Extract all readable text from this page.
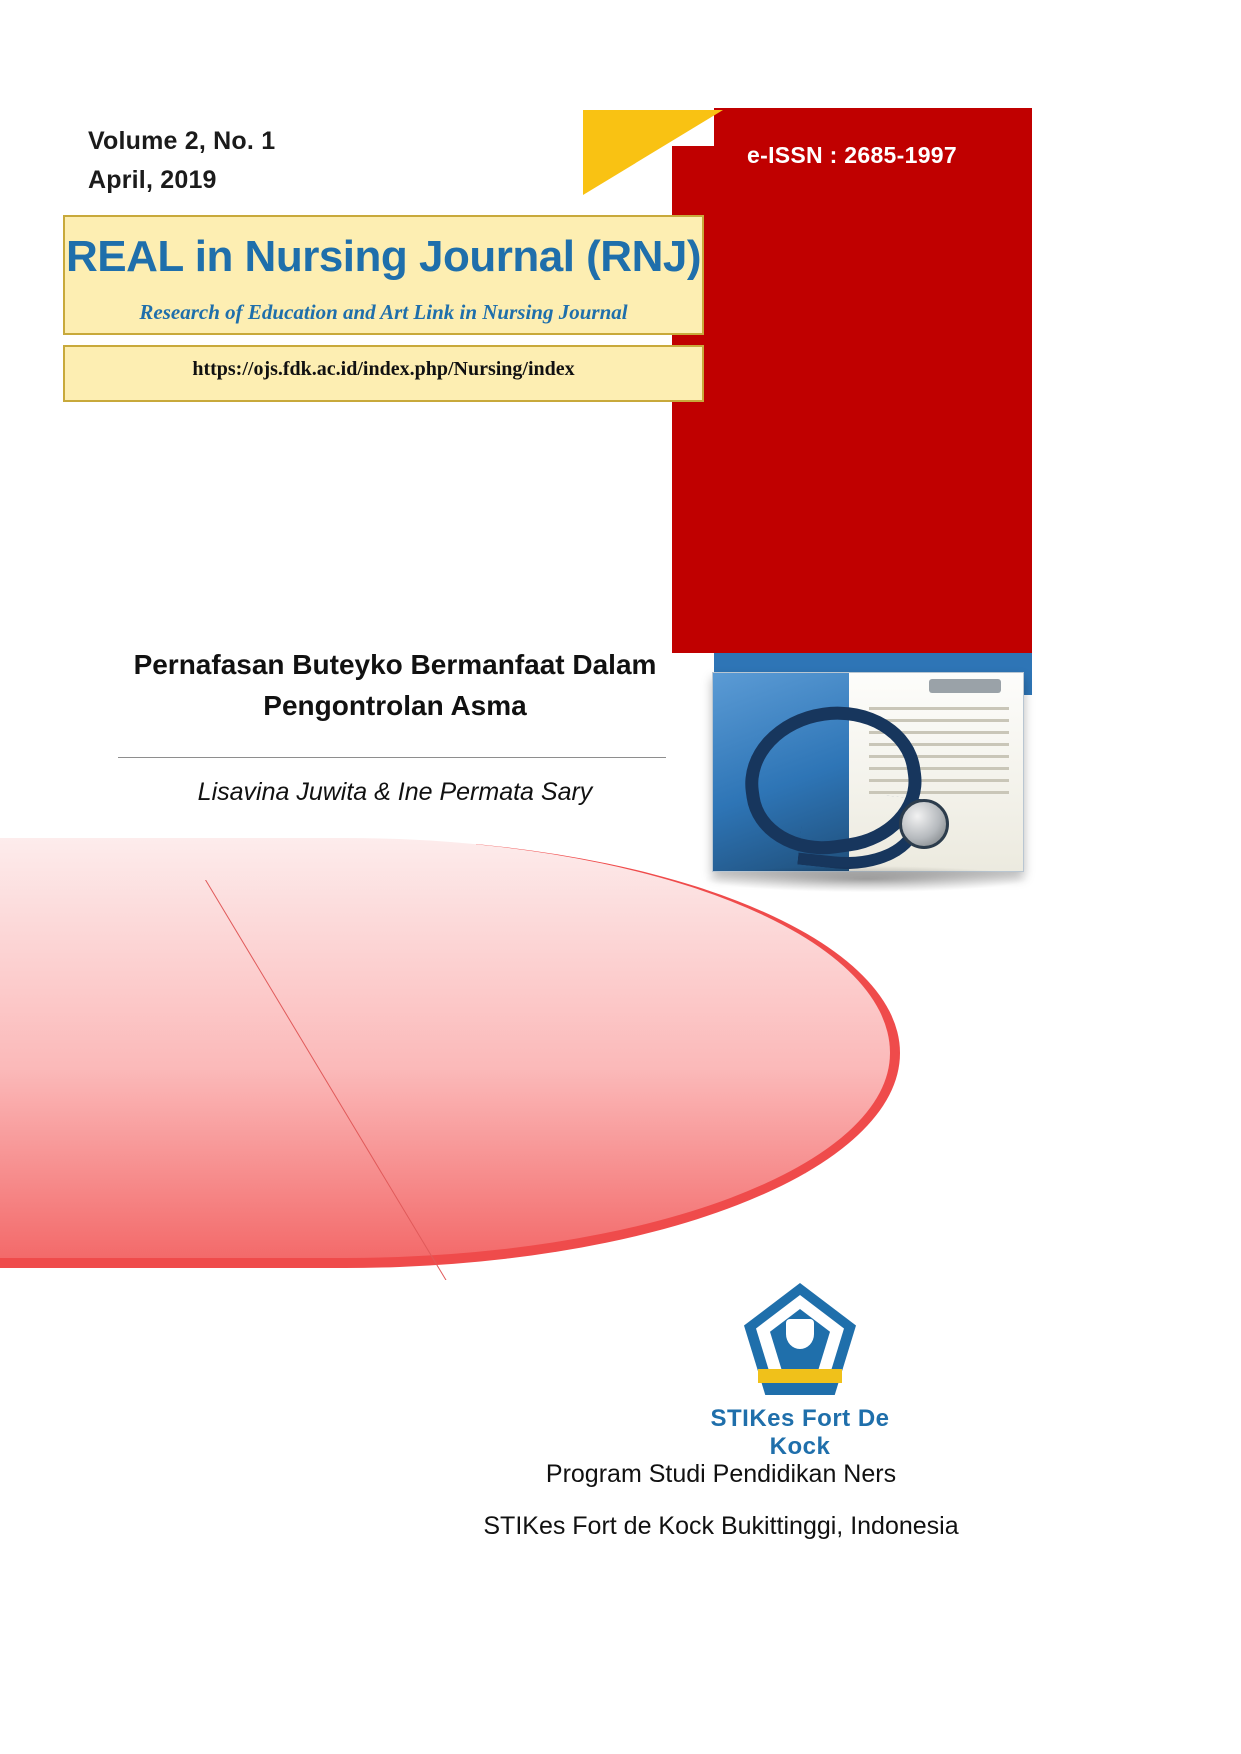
Volume 2, No. 1
April, 2019
e-ISSN : 2685-1997
REAL in Nursing Journal (RNJ)
Research of Education and Art Link in Nursing Journal
https://ojs.fdk.ac.id/index.php/Nursing/index
Pernafasan Buteyko Bermanfaat Dalam Pengontrolan Asma
Lisavina Juwita & Ine Permata Sary
STIKes Fort De Kock
Program Studi Pendidikan Ners
STIKes Fort de Kock Bukittinggi, Indonesia
